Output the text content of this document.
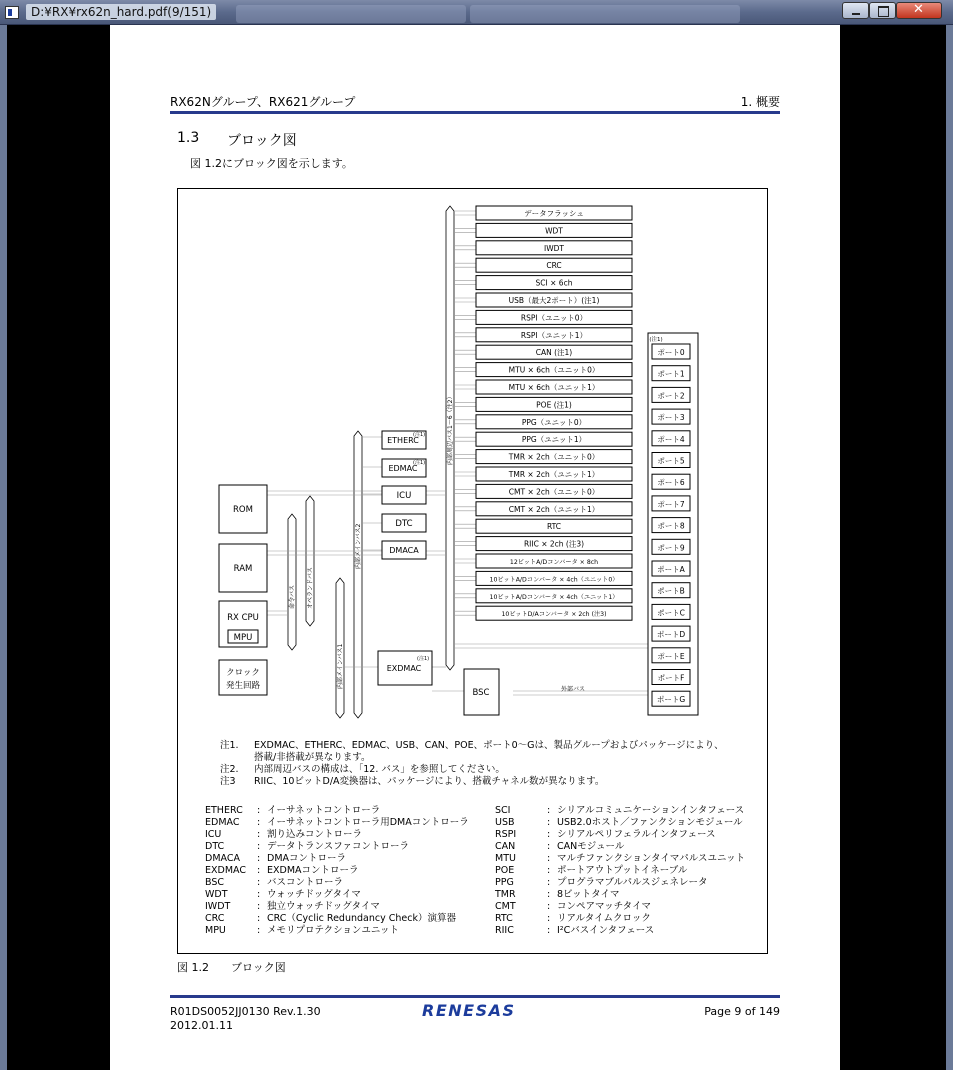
D:¥RX¥rx62n_hard.pdf(9/151)
✕
RX62Nグループ、RX621グループ	1. 概要
1.3 ブロック図
図 1.2にブロック図を示します。
ROM
RAM
RX CPU
MPU
クロック
発生回路
ETHERC
EDMAC
ICU
DTC
DMACA
EXDMAC
BSC	外部バス
(注1)
(注1)
(注1)
(注1)
内部周辺バス1～6（注2）
内部メインバス2
内部メインバス1
命令バス オペランドバス
データフラッシュ
WDT
IWDT
CRC
SCI × 6ch
USB（最大2ポート）(注1)
RSPI（ユニット0）
RSPI（ユニット1）
CAN (注1)
MTU × 6ch（ユニット0）
MTU × 6ch（ユニット1）
POE (注1)
PPG（ユニット0）
PPG（ユニット1）
TMR × 2ch（ユニット0）
TMR × 2ch（ユニット1）
CMT × 2ch（ユニット0）
CMT × 2ch（ユニット1）
RTC
RIIC × 2ch (注3)
12ビットA/Dコンバータ × 8ch
10ビットA/Dコンバータ × 4ch（ユニット0）
10ビットA/Dコンバータ × 4ch（ユニット1）
10ビットD/Aコンバータ × 2ch (注3)
ポート0
ポート1
ポート2
ポート3
ポート4
ポート5
ポート6
ポート7
ポート8
ポート9
ポートA
ポートB
ポートC
ポートD
ポートE
ポートF
ポートG
注1.	EXDMAC、ETHERC、EDMAC、USB、CAN、POE、ポート0～Gは、製品グループおよびパッケージにより、
搭載/非搭載が異なります。
注2.	内部周辺バスの構成は、「12. バス」を参照してください。
注3	RIIC、10ビットD/A変換器は、パッケージにより、搭載チャネル数が異なります。
ETHERC : イーサネットコントローラ
EDMAC : イーサネットコントローラ用DMAコントローラ
ICU	: 割り込みコントローラ
DTC	: データトランスファコントローラ
DMACA : DMAコントローラ
EXDMAC : EXDMAコントローラ
BSC	: バスコントローラ
WDT	: ウォッチドッグタイマ
IWDT	: 独立ウォッチドッグタイマ
CRC	: CRC（Cyclic Redundancy Check）演算器
MPU	: メモリプロテクションユニット
SCI	: シリアルコミュニケーションインタフェース
USB	: USB2.0ホスト／ファンクションモジュール
RSPI	: シリアルペリフェラルインタフェース
CAN	: CANモジュール
MTU	: マルチファンクションタイマパルスユニット
POE	: ポートアウトプットイネーブル
PPG	: プログラマブルパルスジェネレータ
TMR	: 8ビットタイマ
CMT	: コンペアマッチタイマ
RTC	: リアルタイムクロック
RIIC	: I²Cバスインタフェース
図 1.2 ブロック図
R01DS0052JJ0130 Rev.1.30
2012.01.11
RENESAS	Page 9 of 149
